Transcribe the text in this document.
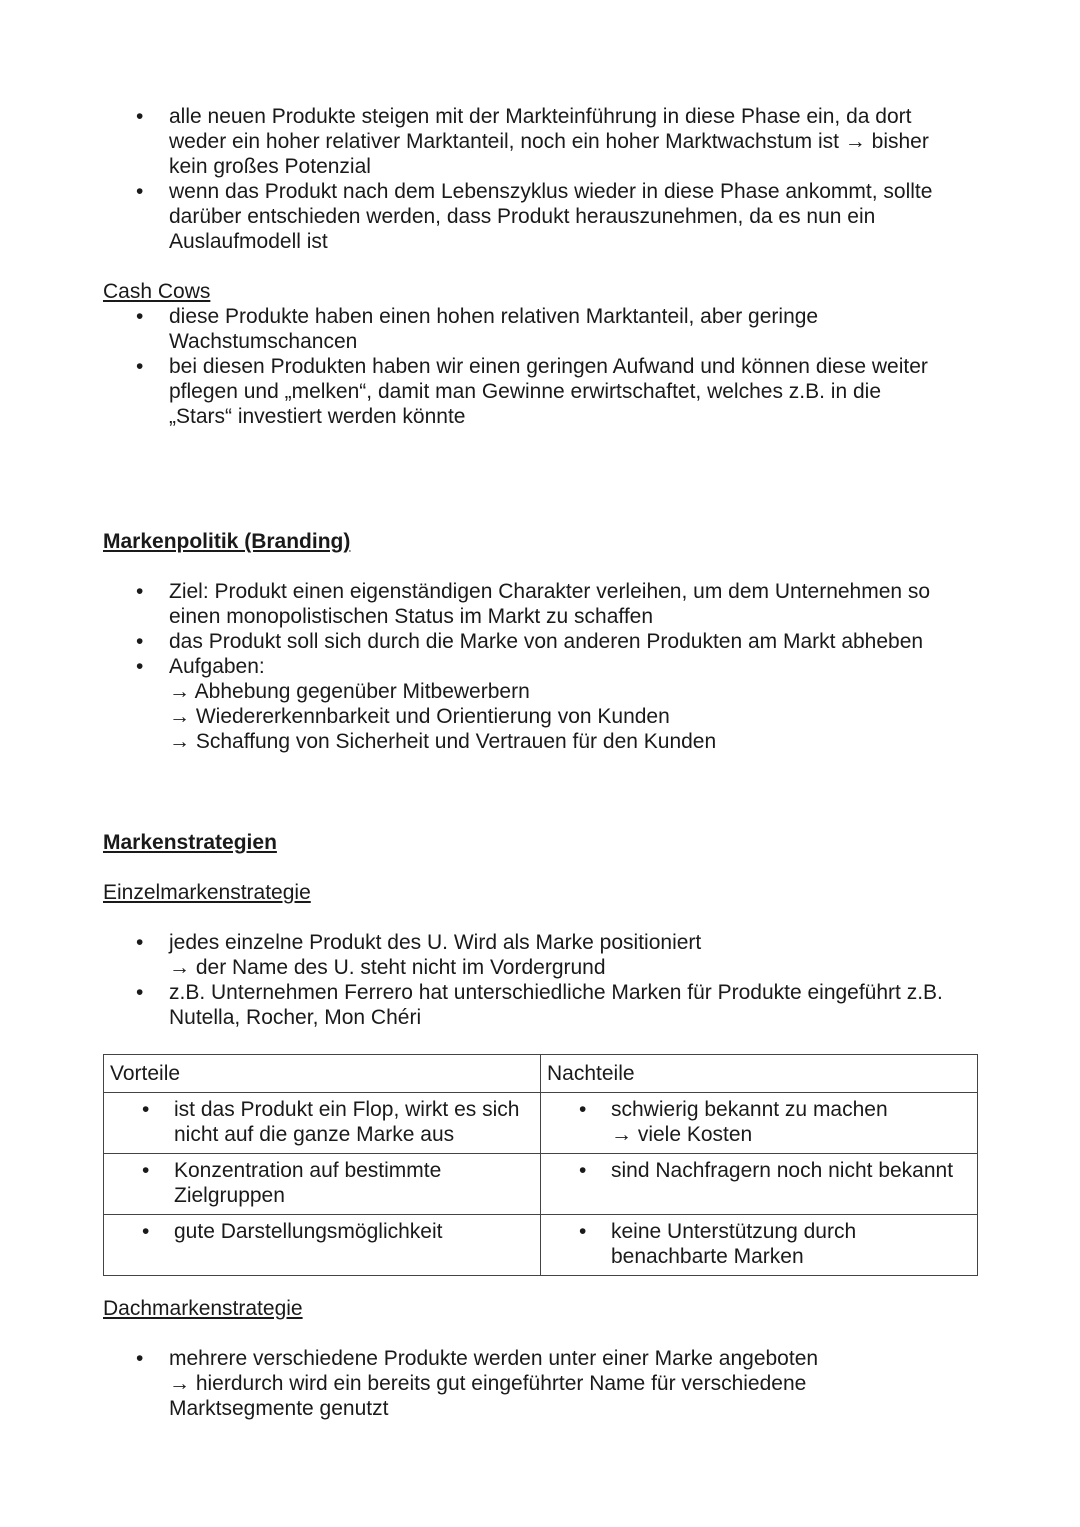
• alle neuen Produkte steigen mit der Markteinführung in diese Phase ein, da dort
weder ein hoher relativer Marktanteil, noch ein hoher Marktwachstum ist → bisher
kein großes Potenzial
• wenn das Produkt nach dem Lebenszyklus wieder in diese Phase ankommt, sollte
darüber entschieden werden, dass Produkt herauszunehmen, da es nun ein
Auslaufmodell ist
Cash Cows
• diese Produkte haben einen hohen relativen Marktanteil, aber geringe
Wachstumschancen
• bei diesen Produkten haben wir einen geringen Aufwand und können diese weiter
pflegen und „melken“, damit man Gewinne erwirtschaftet, welches z.B. in die
„Stars“ investiert werden könnte
Markenpolitik (Branding)
• Ziel: Produkt einen eigenständigen Charakter verleihen, um dem Unternehmen so
einen monopolistischen Status im Markt zu schaffen
• das Produkt soll sich durch die Marke von anderen Produkten am Markt abheben
• Aufgaben:
→ Abhebung gegenüber Mitbewerbern
→ Wiedererkennbarkeit und Orientierung von Kunden
→ Schaffung von Sicherheit und Vertrauen für den Kunden
Markenstrategien
Einzelmarkenstrategie
• jedes einzelne Produkt des U. Wird als Marke positioniert
→ der Name des U. steht nicht im Vordergrund
• z.B. Unternehmen Ferrero hat unterschiedliche Marken für Produkte eingeführt z.B.
Nutella, Rocher, Mon Chéri
Vorteile	Nachteile

• ist das Produkt ein Flop, wirkt es sich
nicht auf die ganze Marke aus	• schwierig bekannt zu machen
→ viele Kosten

• Konzentration auf bestimmte
Zielgruppen	• sind Nachfragern noch nicht bekannt

• gute Darstellungsmöglichkeit	• keine Unterstützung durch
benachbarte Marken
Dachmarkenstrategie
• mehrere verschiedene Produkte werden unter einer Marke angeboten
→ hierdurch wird ein bereits gut eingeführter Name für verschiedene
Marktsegmente genutzt
